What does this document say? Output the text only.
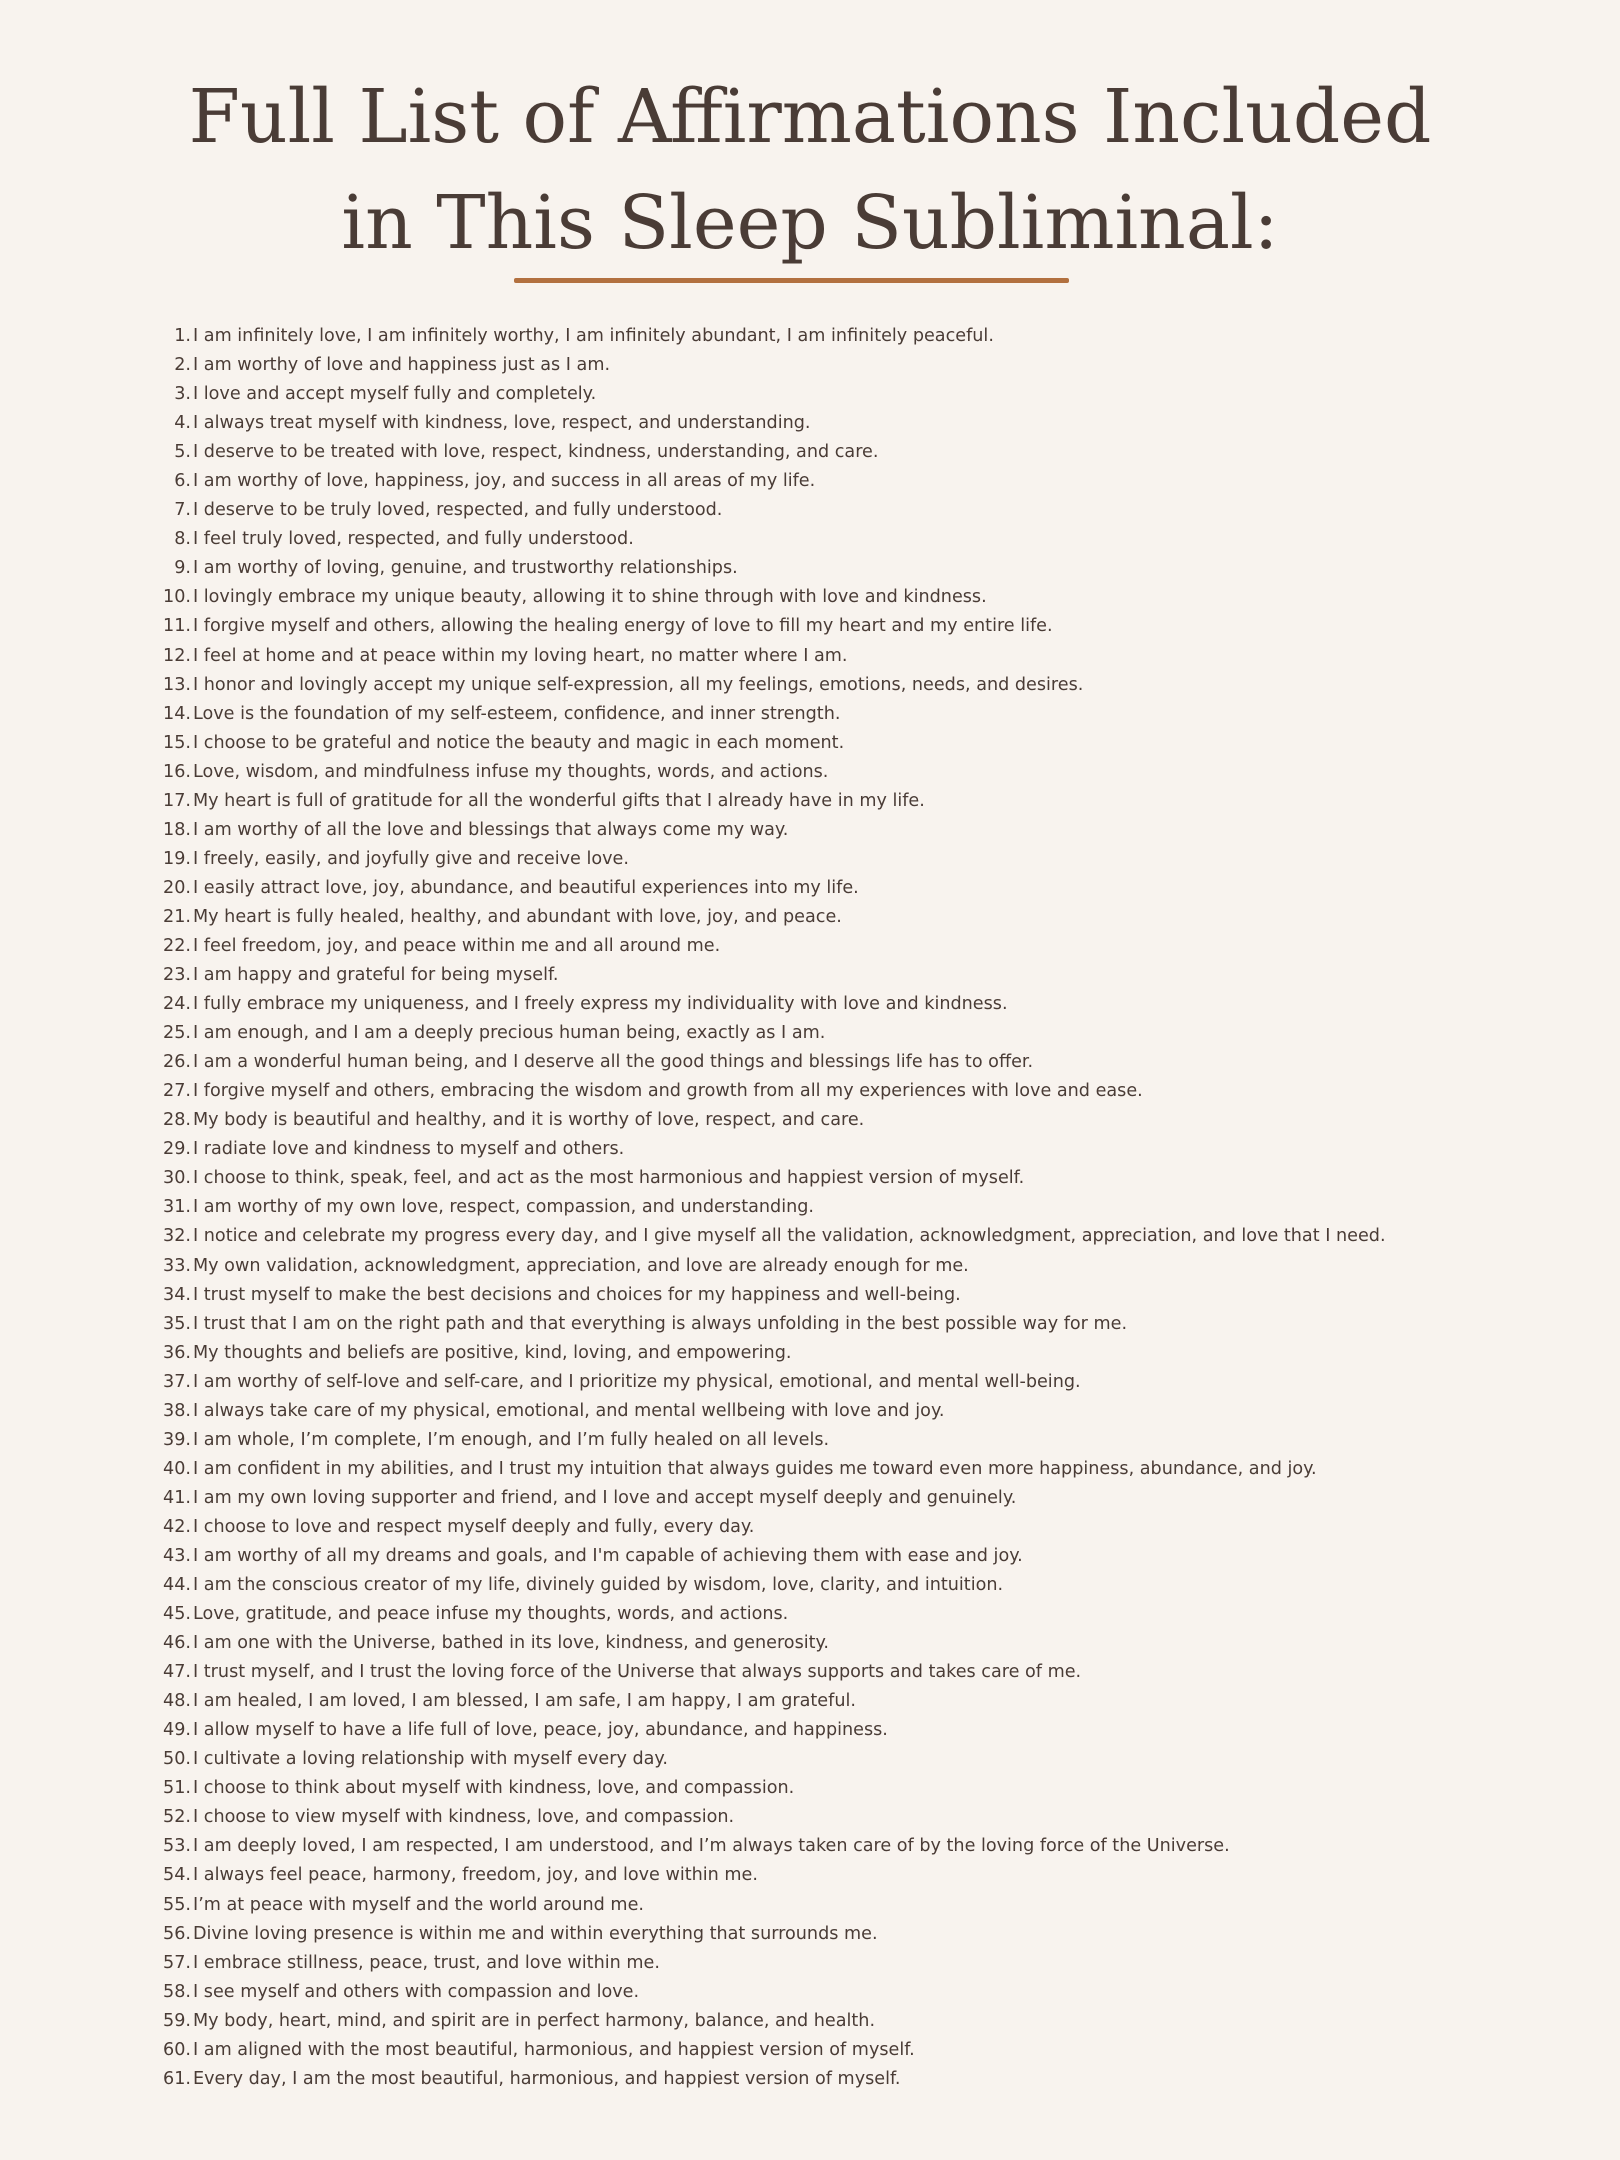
Full List of Affirmations Included
in This Sleep Subliminal:
1. I am infinitely love, I am infinitely worthy, I am infinitely abundant, I am infinitely peaceful.
2. I am worthy of love and happiness just as I am.
3. I love and accept myself fully and completely.
4. I always treat myself with kindness, love, respect, and understanding.
5. I deserve to be treated with love, respect, kindness, understanding, and care.
6. I am worthy of love, happiness, joy, and success in all areas of my life.
7. I deserve to be truly loved, respected, and fully understood.
8. I feel truly loved, respected, and fully understood.
9. I am worthy of loving, genuine, and trustworthy relationships.
10. I lovingly embrace my unique beauty, allowing it to shine through with love and kindness.
11. I forgive myself and others, allowing the healing energy of love to fill my heart and my entire life.
12. I feel at home and at peace within my loving heart, no matter where I am.
13. I honor and lovingly accept my unique self-expression, all my feelings, emotions, needs, and desires.
14. Love is the foundation of my self-esteem, confidence, and inner strength.
15. I choose to be grateful and notice the beauty and magic in each moment.
16. Love, wisdom, and mindfulness infuse my thoughts, words, and actions.
17. My heart is full of gratitude for all the wonderful gifts that I already have in my life.
18. I am worthy of all the love and blessings that always come my way.
19. I freely, easily, and joyfully give and receive love.
20. I easily attract love, joy, abundance, and beautiful experiences into my life.
21. My heart is fully healed, healthy, and abundant with love, joy, and peace.
22. I feel freedom, joy, and peace within me and all around me.
23. I am happy and grateful for being myself.
24. I fully embrace my uniqueness, and I freely express my individuality with love and kindness.
25. I am enough, and I am a deeply precious human being, exactly as I am.
26. I am a wonderful human being, and I deserve all the good things and blessings life has to offer.
27. I forgive myself and others, embracing the wisdom and growth from all my experiences with love and ease.
28. My body is beautiful and healthy, and it is worthy of love, respect, and care.
29. I radiate love and kindness to myself and others.
30. I choose to think, speak, feel, and act as the most harmonious and happiest version of myself.
31. I am worthy of my own love, respect, compassion, and understanding.
32. I notice and celebrate my progress every day, and I give myself all the validation, acknowledgment, appreciation, and love that I need.
33. My own validation, acknowledgment, appreciation, and love are already enough for me.
34. I trust myself to make the best decisions and choices for my happiness and well-being.
35. I trust that I am on the right path and that everything is always unfolding in the best possible way for me.
36. My thoughts and beliefs are positive, kind, loving, and empowering.
37. I am worthy of self-love and self-care, and I prioritize my physical, emotional, and mental well-being.
38. I always take care of my physical, emotional, and mental wellbeing with love and joy.
39. I am whole, I’m complete, I’m enough, and I’m fully healed on all levels.
40. I am confident in my abilities, and I trust my intuition that always guides me toward even more happiness, abundance, and joy.
41. I am my own loving supporter and friend, and I love and accept myself deeply and genuinely.
42. I choose to love and respect myself deeply and fully, every day.
43. I am worthy of all my dreams and goals, and I'm capable of achieving them with ease and joy.
44. I am the conscious creator of my life, divinely guided by wisdom, love, clarity, and intuition.
45. Love, gratitude, and peace infuse my thoughts, words, and actions.
46. I am one with the Universe, bathed in its love, kindness, and generosity.
47. I trust myself, and I trust the loving force of the Universe that always supports and takes care of me.
48. I am healed, I am loved, I am blessed, I am safe, I am happy, I am grateful.
49. I allow myself to have a life full of love, peace, joy, abundance, and happiness.
50. I cultivate a loving relationship with myself every day.
51. I choose to think about myself with kindness, love, and compassion.
52. I choose to view myself with kindness, love, and compassion.
53. I am deeply loved, I am respected, I am understood, and I’m always taken care of by the loving force of the Universe.
54. I always feel peace, harmony, freedom, joy, and love within me.
55. I’m at peace with myself and the world around me.
56. Divine loving presence is within me and within everything that surrounds me.
57. I embrace stillness, peace, trust, and love within me.
58. I see myself and others with compassion and love.
59. My body, heart, mind, and spirit are in perfect harmony, balance, and health.
60. I am aligned with the most beautiful, harmonious, and happiest version of myself.
61. Every day, I am the most beautiful, harmonious, and happiest version of myself.
